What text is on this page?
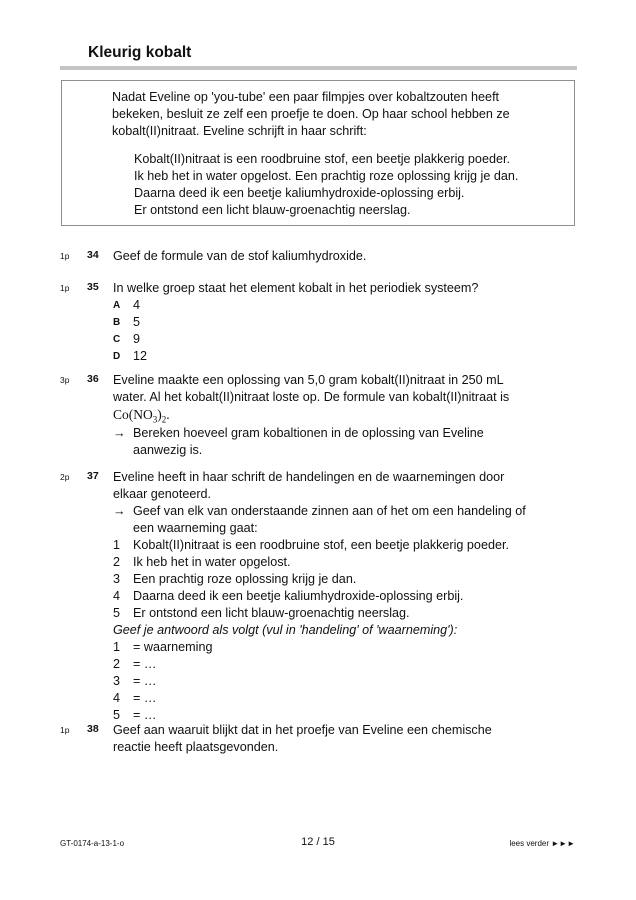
Kleurig kobalt
Nadat Eveline op 'you-tube' een paar filmpjes over kobaltzouten heeft
bekeken, besluit ze zelf een proefje te doen. Op haar school hebben ze
kobalt(II)nitraat. Eveline schrijft in haar schrift:
Kobalt(II)nitraat is een roodbruine stof, een beetje plakkerig poeder.
Ik heb het in water opgelost. Een prachtig roze oplossing krijg je dan.
Daarna deed ik een beetje kaliumhydroxide-oplossing erbij.
Er ontstond een licht blauw-groenachtig neerslag.
1p 34 Geef de formule van de stof kaliumhydroxide.
1p 35 In welke groep staat het element kobalt in het periodiek systeem?
A	4
B	5
C	9
D	12
3p 36 Eveline maakte een oplossing van 5,0 gram kobalt(II)nitraat in 250 mL
water. Al het kobalt(II)nitraat loste op. De formule van kobalt(II)nitraat is
$Co(NO_3)_2$.
→ Bereken hoeveel gram kobaltionen in de oplossing van Eveline
aanwezig is.
2p 37 Eveline heeft in haar schrift de handelingen en de waarnemingen door
elkaar genoteerd.
→ Geef van elk van onderstaande zinnen aan of het om een handeling of
een waarneming gaat:
1	Kobalt(II)nitraat is een roodbruine stof, een beetje plakkerig poeder.
2	Ik heb het in water opgelost.
3	Een prachtig roze oplossing krijg je dan.
4	Daarna deed ik een beetje kaliumhydroxide-oplossing erbij.
5	Er ontstond een licht blauw-groenachtig neerslag.
Geef je antwoord als volgt (vul in 'handeling' of 'waarneming'):
1	= waarneming
2	= …
3	= …
4	= …
5	= …
1p 38 Geef aan waaruit blijkt dat in het proefje van Eveline een chemische
reactie heeft plaatsgevonden.
GT-0174-a-13-1-o	12 / 15	lees verder ►►►
